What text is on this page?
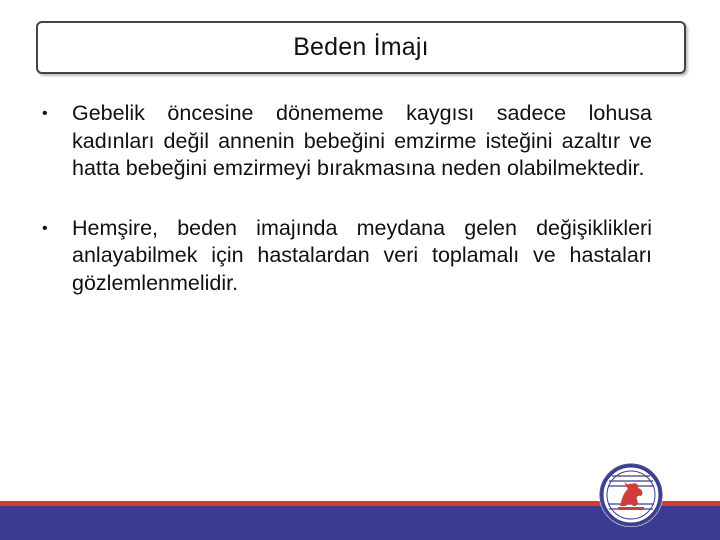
Beden İmajı

• Gebelik öncesine dönememe kaygısı sadece lohusa kadınları değil annenin bebeğini emzirme isteğini azaltır ve hatta bebeğini emzirmeyi bırakmasına neden olabilmektedir.

• Hemşire, beden imajında meydana gelen değişiklikleri anlayabilmek için hastalardan veri toplamalı ve hastaları gözlemlenmelidir.
